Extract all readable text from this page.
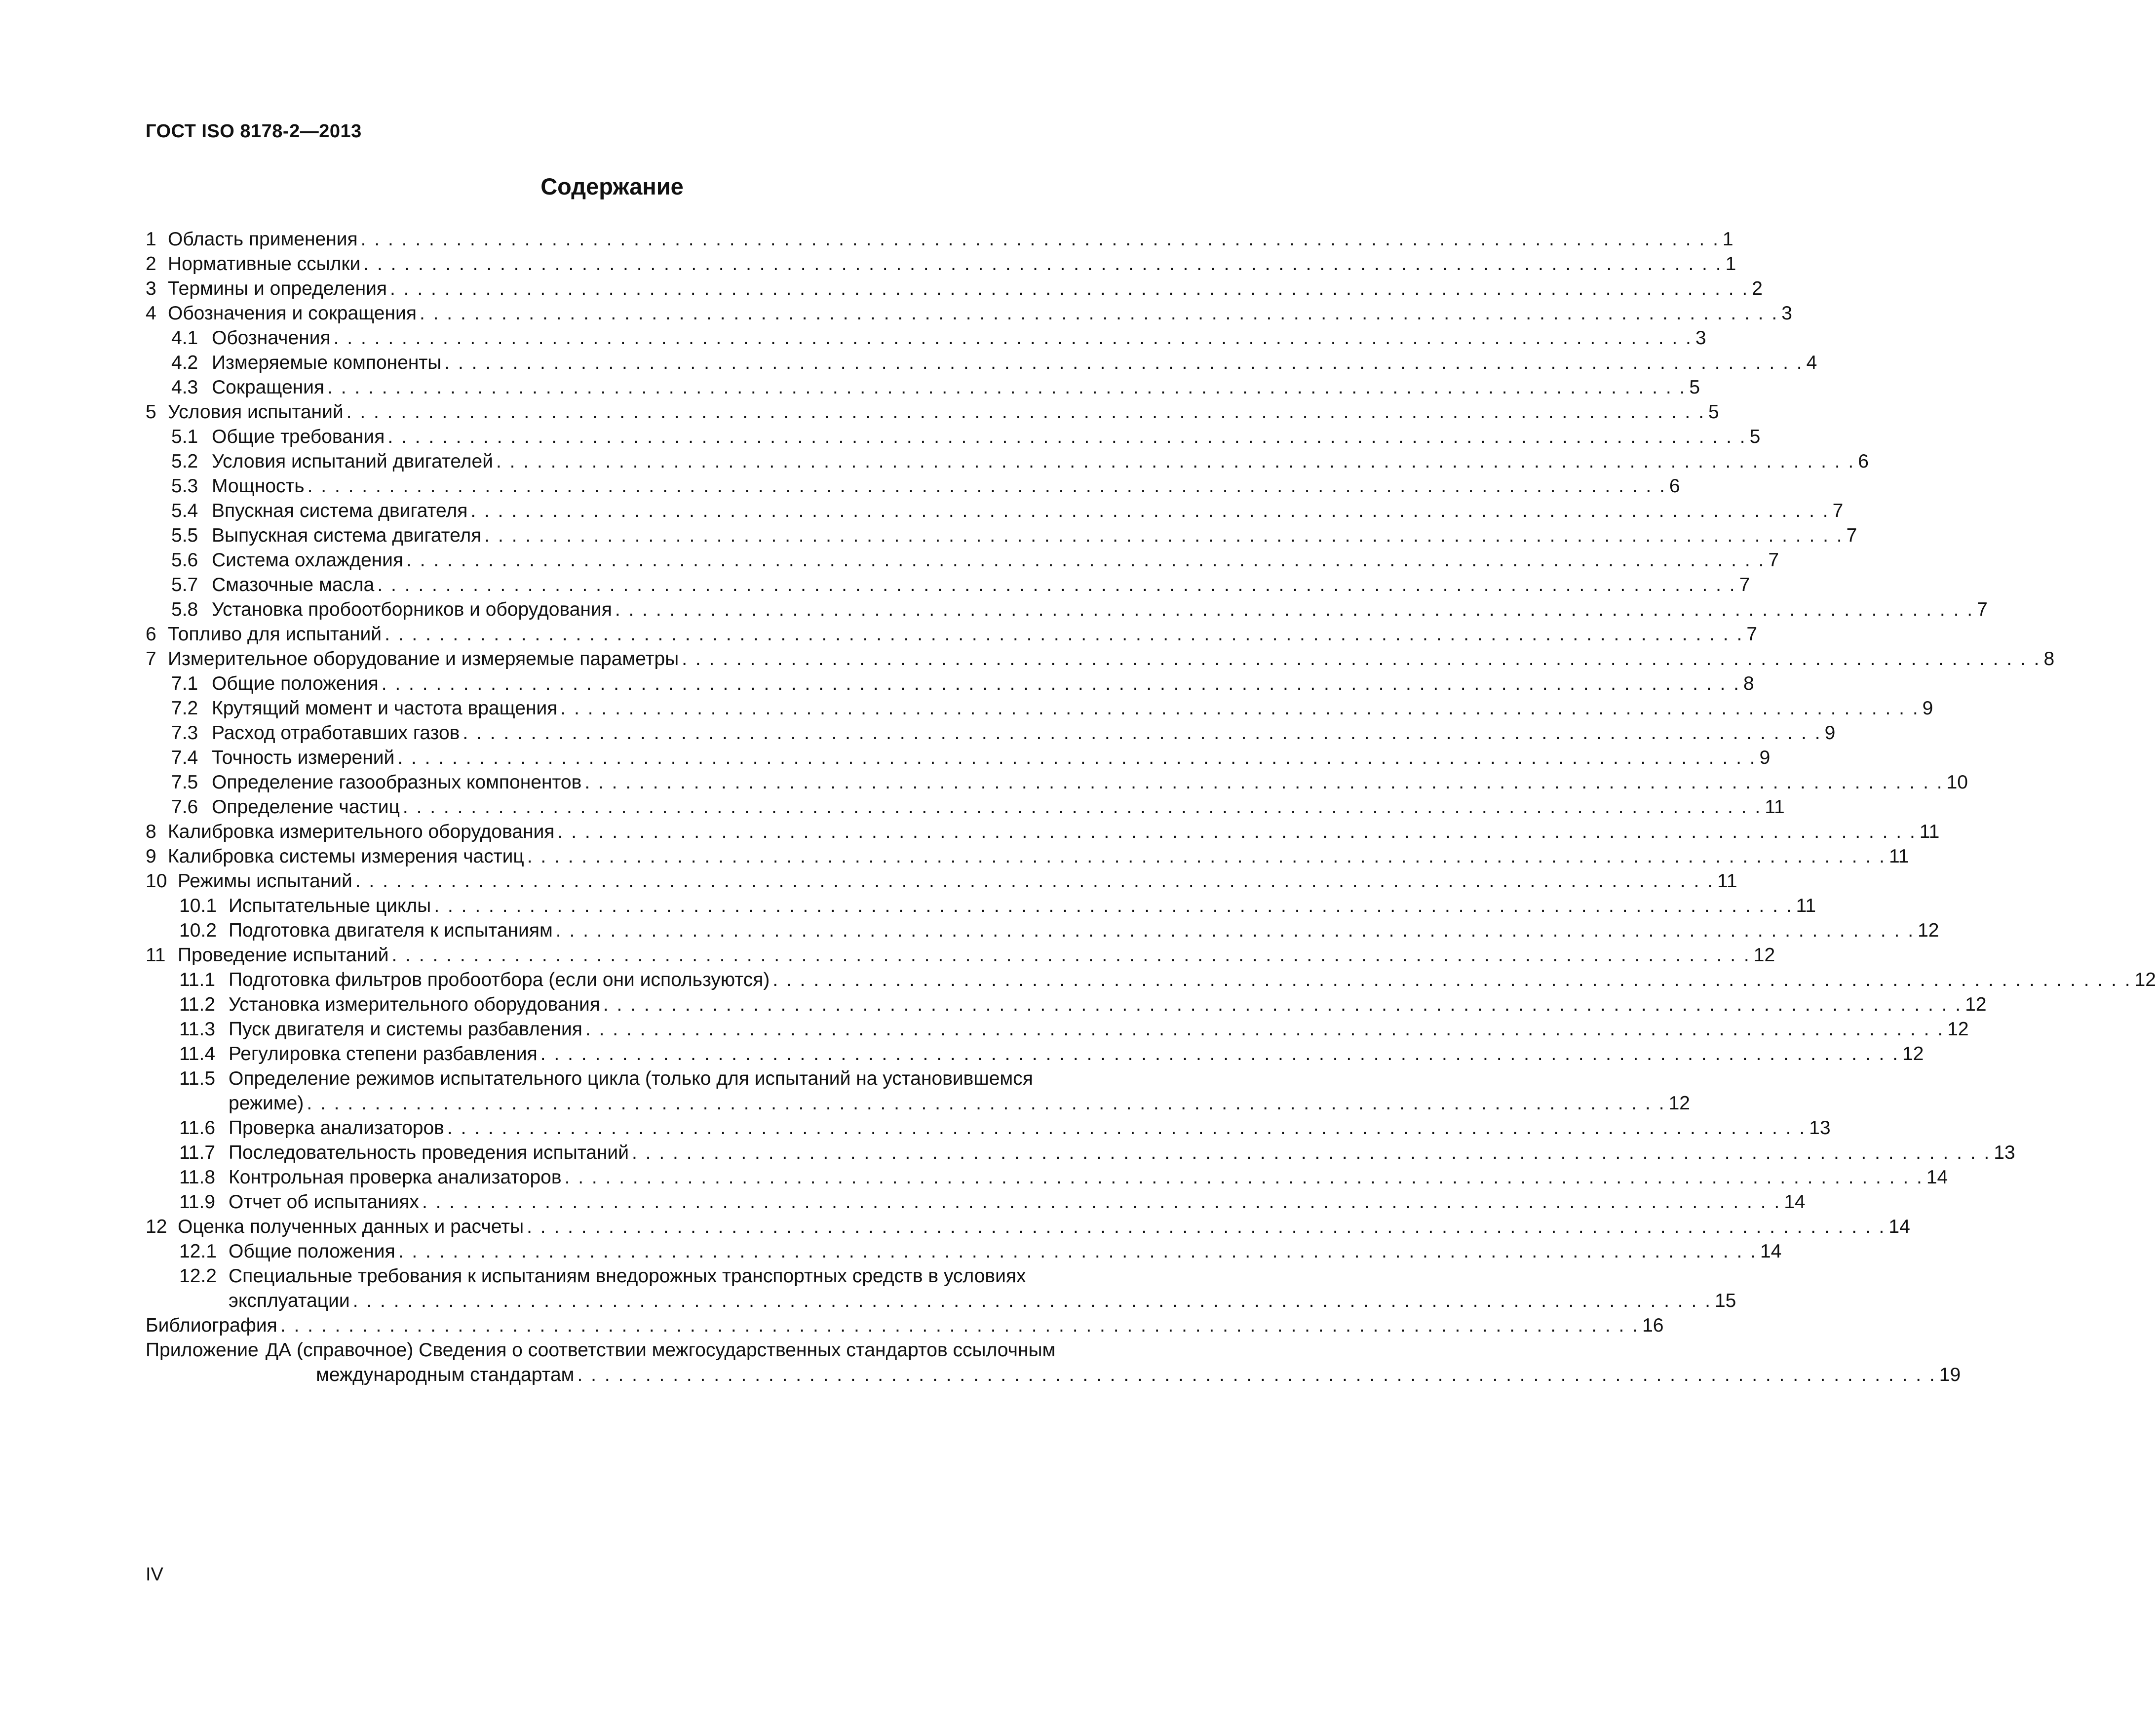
ГОСТ ISO 8178-2—2013
Содержание
1 Область применения . . .	1
2 Нормативные ссылки . . .	1
3 Термины и определения . . .	2
4 Обозначения и сокращения . . .	3
4.1 Обозначения . . .	3
4.2 Измеряемые компоненты . . .	4
4.3 Сокращения . . .	5
5 Условия испытаний . . .	5
5.1 Общие требования . . .	5
5.2 Условия испытаний двигателей . . .	6
5.3 Мощность . . .	6
5.4 Впускная система двигателя . . .	7
5.5 Выпускная система двигателя . . .	7
5.6 Система охлаждения . . .	7
5.7 Смазочные масла . . .	7
5.8 Установка пробоотборников и оборудования . . .	7
6 Топливо для испытаний . . .	7
7 Измерительное оборудование и измеряемые параметры . . .	8
7.1 Общие положения . . .	8
7.2 Крутящий момент и частота вращения . . .	9
7.3 Расход отработавших газов . . .	9
7.4 Точность измерений . . .	9
7.5 Определение газообразных компонентов . . .	10
7.6 Определение частиц . . .	11
8 Калибровка измерительного оборудования . . .	11
9 Калибровка системы измерения частиц . . .	11
10 Режимы испытаний . . .	11
10.1 Испытательные циклы . . .	11
10.2 Подготовка двигателя к испытаниям . . .	12
11 Проведение испытаний . . .	12
11.1 Подготовка фильтров пробоотбора (если они используются) . . .	12
11.2 Установка измерительного оборудования . . .	12
11.3 Пуск двигателя и системы разбавления . . .	12
11.4 Регулировка степени разбавления . . .	12
11.5 Определение режимов испытательного цикла (только для испытаний на установившемся
режиме) . . .	12
11.6 Проверка анализаторов . . .	13
11.7 Последовательность проведения испытаний . . .	13
11.8 Контрольная проверка анализаторов . . .	14
11.9 Отчет об испытаниях . . .	14
12 Оценка полученных данных и расчеты . . .	14
12.1 Общие положения . . .	14
12.2 Специальные требования к испытаниям внедорожных транспортных средств в условиях
эксплуатации . . .	15
Библиография . . .	16
Приложение ДА (справочное) Сведения о соответствии межгосударственных стандартов ссылочным
международным стандартам . . .	19
IV
